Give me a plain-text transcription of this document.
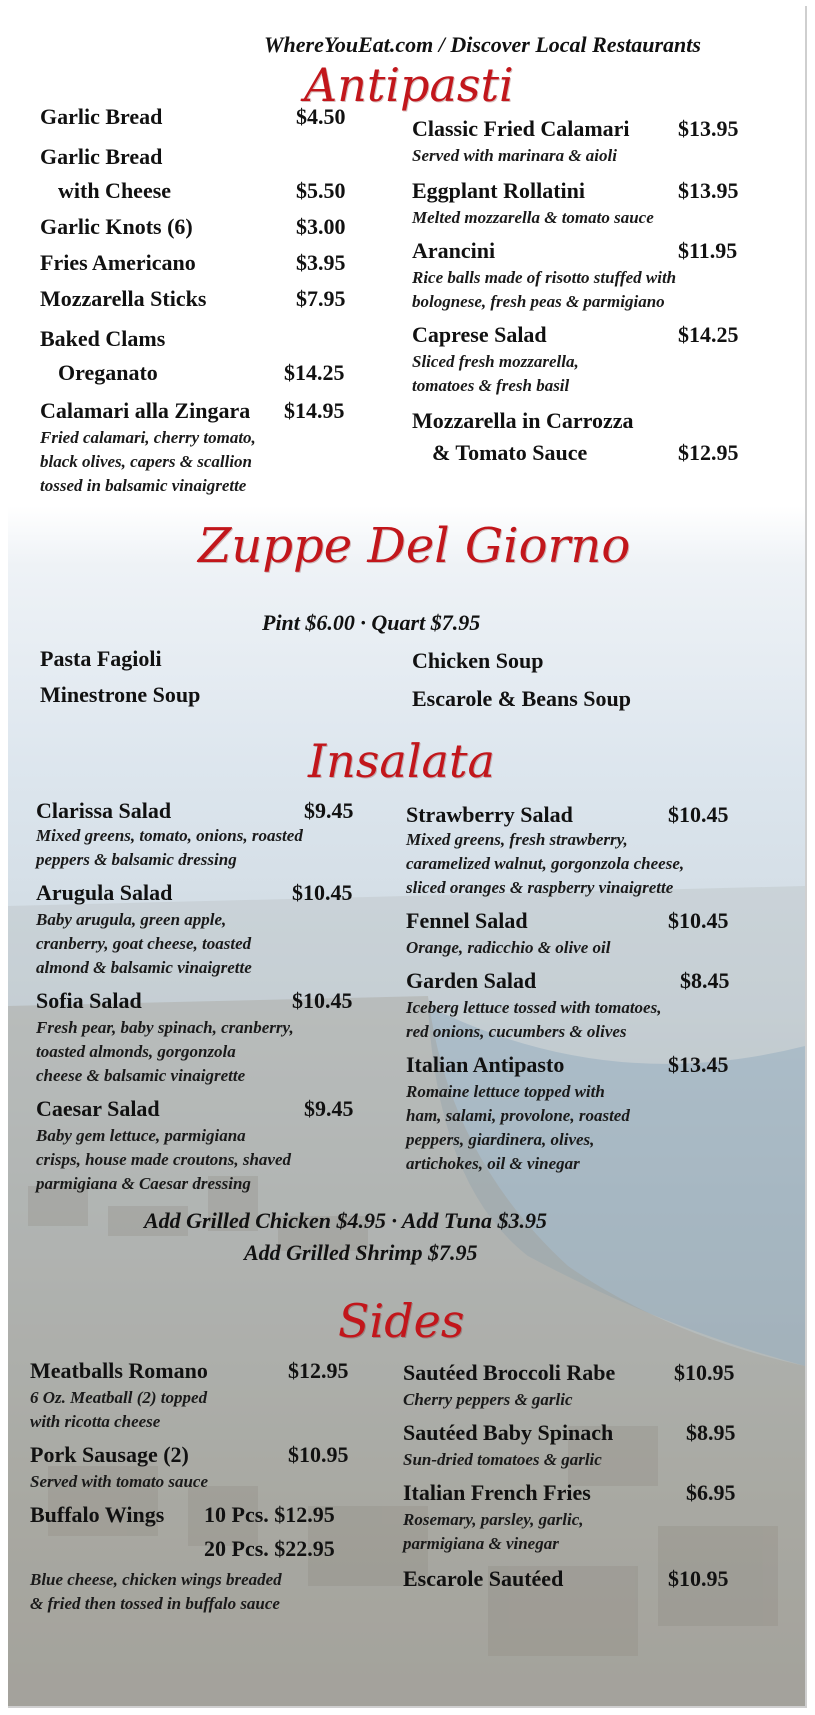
WhereYouEat.com / Discover Local Restaurants
Antipasti
Garlic Bread	$4.50
Garlic Bread
with Cheese	$5.50
Garlic Knots (6)	$3.00
Fries Americano	$3.95
Mozzarella Sticks	$7.95
Baked Clams
Oreganato	$14.25
Calamari alla Zingara $14.95
Fried calamari, cherry tomato,
black olives, capers & scallion
tossed in balsamic vinaigrette
Classic Fried Calamari $13.95
Served with marinara & aioli
Eggplant Rollatini	$13.95
Melted mozzarella & tomato sauce
Arancini	$11.95
Rice balls made of risotto stuffed with
bolognese, fresh peas & parmigiano
Caprese Salad	$14.25
Sliced fresh mozzarella,
tomatoes & fresh basil
Mozzarella in Carrozza
& Tomato Sauce	$12.95
Zuppe Del Giorno
Pint $6.00 · Quart $7.95
Pasta Fagioli
Minestrone Soup
Chicken Soup
Escarole & Beans Soup
Insalata
Clarissa Salad	$9.45
Mixed greens, tomato, onions, roasted
peppers & balsamic dressing
Arugula Salad	$10.45
Baby arugula, green apple,
cranberry, goat cheese, toasted
almond & balsamic vinaigrette
Sofia Salad	$10.45
Fresh pear, baby spinach, cranberry,
toasted almonds, gorgonzola
cheese & balsamic vinaigrette
Caesar Salad	$9.45
Baby gem lettuce, parmigiana
crisps, house made croutons, shaved
parmigiana & Caesar dressing
Strawberry Salad	$10.45
Mixed greens, fresh strawberry,
caramelized walnut, gorgonzola cheese,
sliced oranges & raspberry vinaigrette
Fennel Salad	$10.45
Orange, radicchio & olive oil
Garden Salad	$8.45
Iceberg lettuce tossed with tomatoes,
red onions, cucumbers & olives
Italian Antipasto	$13.45
Romaine lettuce topped with
ham, salami, provolone, roasted
peppers, giardinera, olives,
artichokes, oil & vinegar
Add Grilled Chicken $4.95 · Add Tuna $3.95
Add Grilled Shrimp $7.95
Sides
Meatballs Romano	$12.95
6 Oz. Meatball (2) topped
with ricotta cheese
Pork Sausage (2)	$10.95
Served with tomato sauce
Buffalo Wings 10 Pcs. $12.95
20 Pcs. $22.95
Blue cheese, chicken wings breaded
& fried then tossed in buffalo sauce
Sautéed Broccoli Rabe	$10.95
Cherry peppers & garlic
Sautéed Baby Spinach	$8.95
Sun-dried tomatoes & garlic
Italian French Fries	$6.95
Rosemary, parsley, garlic,
parmigiana & vinegar
Escarole Sautéed	$10.95
